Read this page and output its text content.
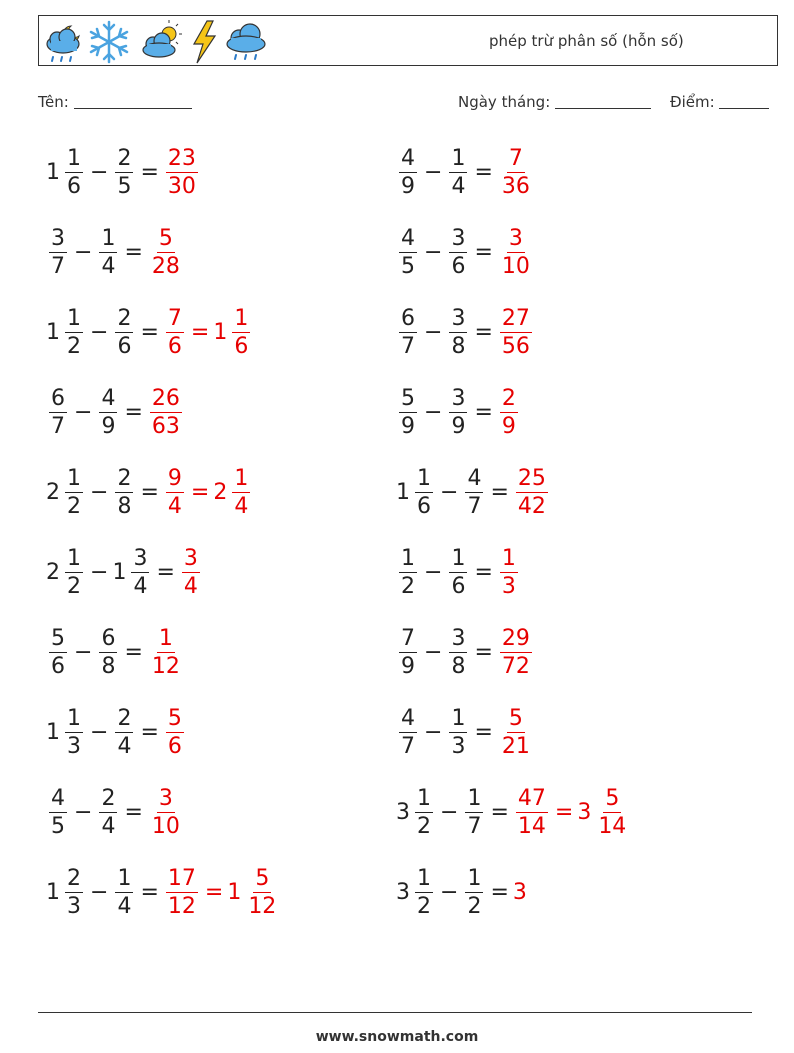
phép trừ phân số (hỗn số)
Tên:	Ngày tháng:	Điểm:
$1 \frac{1}{6} - \frac{2}{5} = \frac{23}{30}$	$\frac{4}{9} - \frac{1}{4} = \frac{7}{36}$
$\frac{3}{7} - \frac{1}{4} = \frac{5}{28}$	$\frac{4}{5} - \frac{3}{6} = \frac{3}{10}$
$1 \frac{1}{2} - \frac{2}{6} = \frac{7}{6} = 1 \frac{1}{6}$	$\frac{6}{7} - \frac{3}{8} = \frac{27}{56}$
$\frac{6}{7} - \frac{4}{9} = \frac{26}{63}$	$\frac{5}{9} - \frac{3}{9} = \frac{2}{9}$
$2 \frac{1}{2} - \frac{2}{8} = \frac{9}{4} = 2 \frac{1}{4}$	$1 \frac{1}{6} - \frac{4}{7} = \frac{25}{42}$
$2 \frac{1}{2} - 1 \frac{3}{4} = \frac{3}{4}$	$\frac{1}{2} - \frac{1}{6} = \frac{1}{3}$
$\frac{5}{6} - \frac{6}{8} = \frac{1}{12}$	$\frac{7}{9} - \frac{3}{8} = \frac{29}{72}$
$1 \frac{1}{3} - \frac{2}{4} = \frac{5}{6}$	$\frac{4}{7} - \frac{1}{3} = \frac{5}{21}$
$\frac{4}{5} - \frac{2}{4} = \frac{3}{10}$	$3 \frac{1}{2} - \frac{1}{7} = \frac{47}{14} = 3 \frac{5}{14}$
$1 \frac{2}{3} - \frac{1}{4} = \frac{17}{12} = 1 \frac{5}{12}$	$3 \frac{1}{2} - \frac{1}{2} = 3$
www.snowmath.com
